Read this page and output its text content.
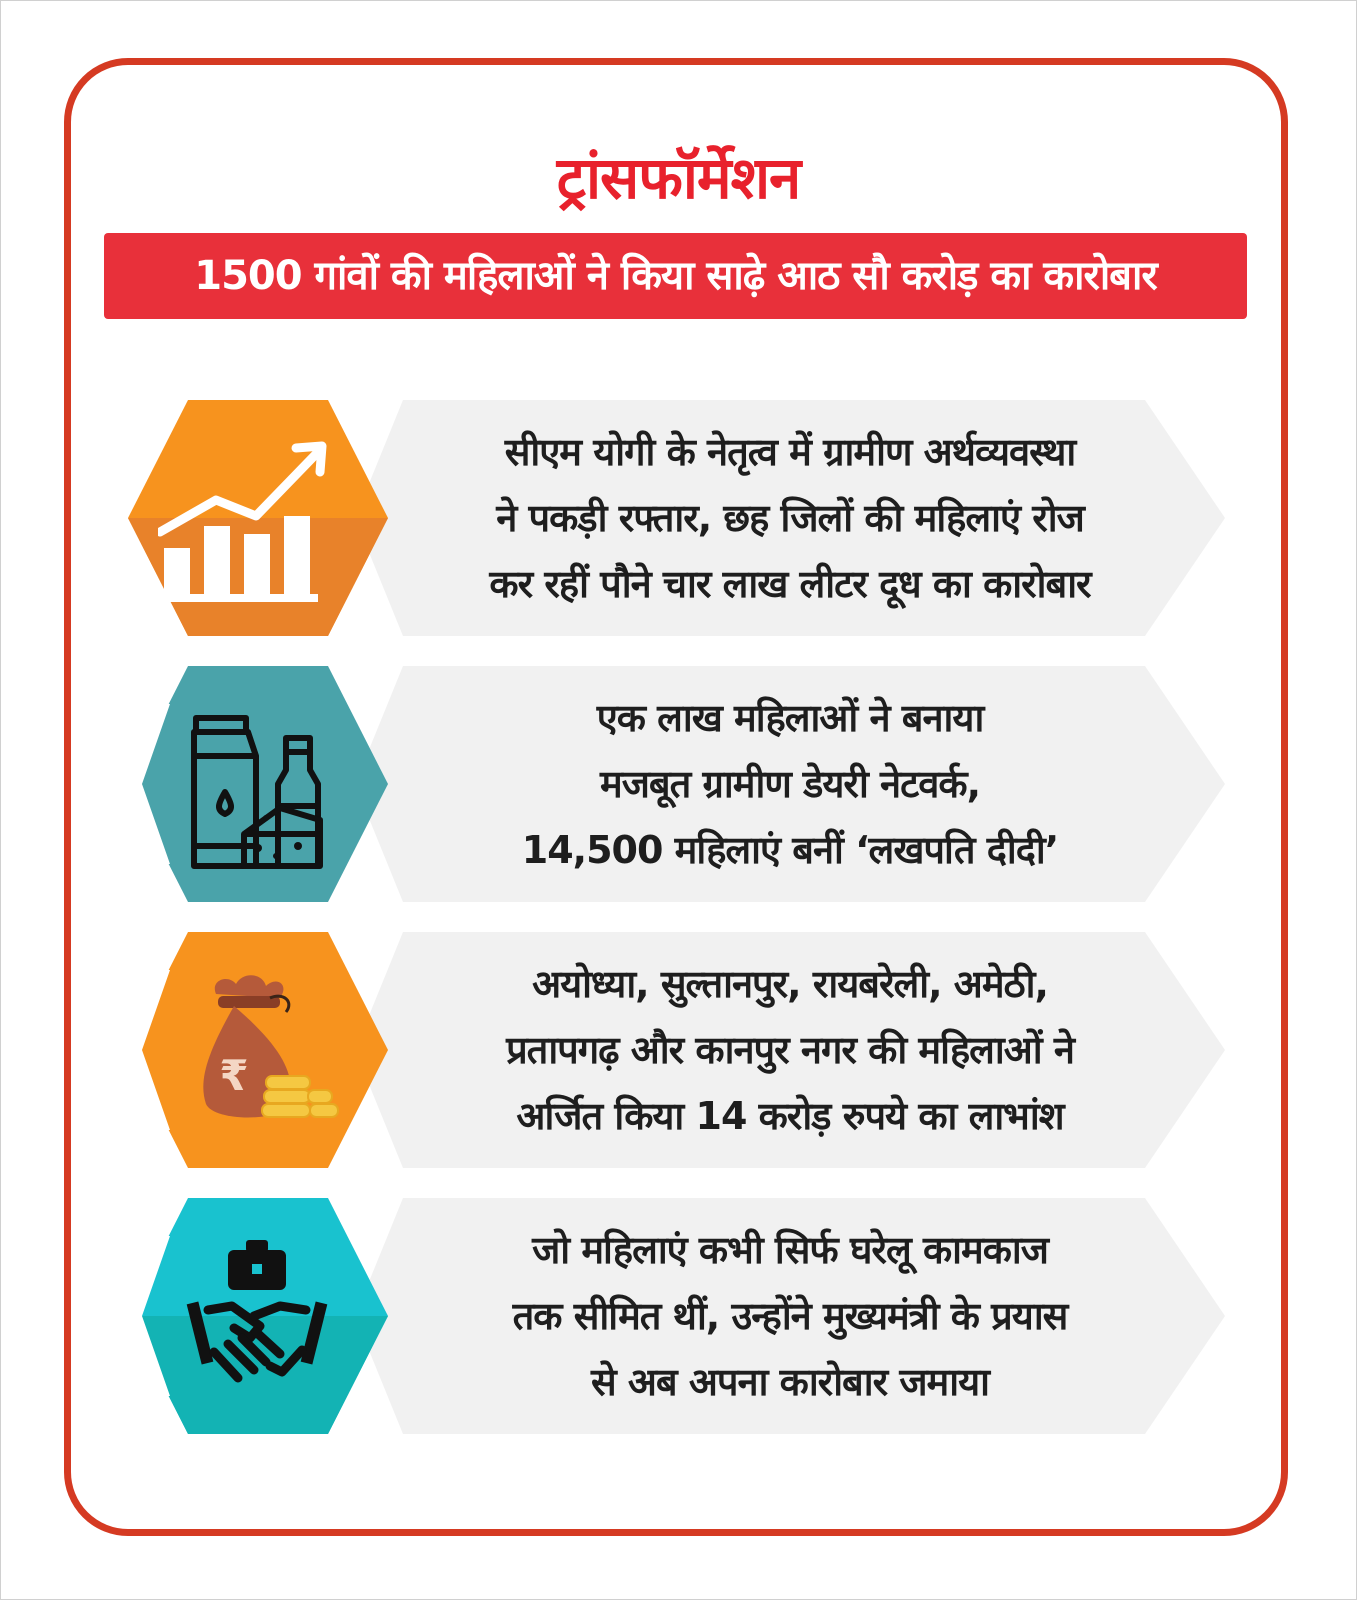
ट्रांसफॉर्मेशन
1500 गांवों की महिलाओं ने किया साढ़े आठ सौ करोड़ का कारोबार
सीएम योगी के नेतृत्व में ग्रामीण अर्थव्यवस्था
ने पकड़ी रफ्तार, छह जिलों की महिलाएं रोज
कर रहीं पौने चार लाख लीटर दूध का कारोबार
एक लाख महिलाओं ने बनाया
मजबूत ग्रामीण डेयरी नेटवर्क,
14,500 महिलाएं बनीं ‘लखपति दीदी’
अयोध्या, सुल्तानपुर, रायबरेली, अमेठी,
प्रतापगढ़ और कानपुर नगर की महिलाओं ने
अर्जित किया 14 करोड़ रुपये का लाभांश
₹
जो महिलाएं कभी सिर्फ घरेलू कामकाज
तक सीमित थीं, उन्होंने मुख्यमंत्री के प्रयास
से अब अपना कारोबार जमाया
